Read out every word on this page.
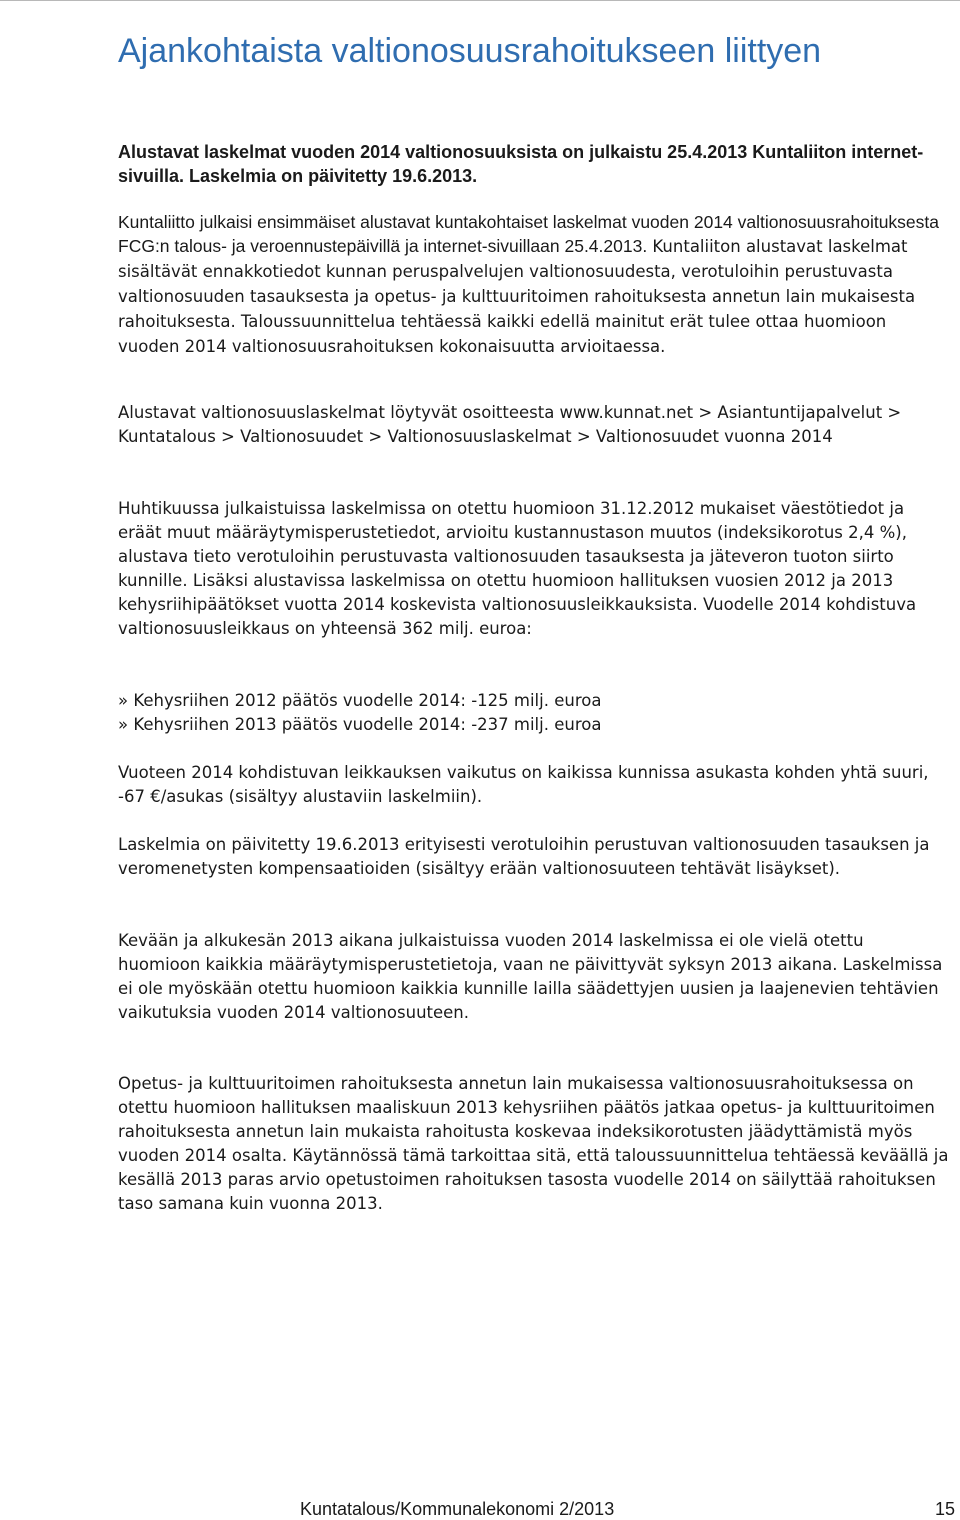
Ajankohtaista valtionosuusrahoitukseen liittyen

Alustavat laskelmat vuoden 2014 valtionosuuksista on julkaistu 25.4.2013 Kuntaliiton internet-sivuilla. Laskelmia on päivitetty 19.6.2013.

Kuntaliitto julkaisi ensimmäiset alustavat kuntakohtaiset laskelmat vuoden 2014 valtionosuusrahoituksesta FCG:n talous- ja veroennustepäivillä ja internet-sivuillaan 25.4.2013. Kuntaliiton alustavat laskelmat sisältävät ennakkotiedot kunnan peruspalvelujen valtionosuudesta, verotuloihin perustuvasta valtionosuuden tasauksesta ja opetus- ja kulttuuritoimen rahoituksesta annetun lain mukaisesta rahoituksesta. Taloussuunnittelua tehtäessä kaikki edellä mainitut erät tulee ottaa huomioon vuoden 2014 valtionosuusrahoituksen kokonaisuutta arvioitaessa.

Alustavat valtionosuuslaskelmat löytyvät osoitteesta www.kunnat.net > Asiantuntijapalvelut > Kuntatalous > Valtionosuudet > Valtionosuuslaskelmat > Valtionosuudet vuonna 2014

Huhtikuussa julkaistuissa laskelmissa on otettu huomioon 31.12.2012 mukaiset väestötiedot ja eräät muut määräytymisperustetiedot, arvioitu kustannustason muutos (indeksikorotus 2,4 %), alustava tieto verotuloihin perustuvasta valtionosuuden tasauksesta ja jäteveron tuoton siirto kunnille. Lisäksi alustavissa laskelmissa on otettu huomioon hallituksen vuosien 2012 ja 2013 kehysriihipäätökset vuotta 2014 koskevista valtionosuusleikkauksista. Vuodelle 2014 kohdistuva valtionosuusleikkaus on yhteensä 362 milj. euroa:

» Kehysriihen 2012 päätös vuodelle 2014: -125 milj. euroa
» Kehysriihen 2013 päätös vuodelle 2014: -237 milj. euroa

Vuoteen 2014 kohdistuvan leikkauksen vaikutus on kaikissa kunnissa asukasta kohden yhtä suuri, -67 €/asukas (sisältyy alustaviin laskelmiin).

Laskelmia on päivitetty 19.6.2013 erityisesti verotuloihin perustuvan valtionosuuden tasauksen ja veromenetysten kompensaatioiden (sisältyy erään valtionosuuteen tehtävät lisäykset).

Kevään ja alkukesän 2013 aikana julkaistuissa vuoden 2014 laskelmissa ei ole vielä otettu huomioon kaikkia määräytymisperustetietoja, vaan ne päivittyvät syksyn 2013 aikana. Laskelmissa ei ole myöskään otettu huomioon kaikkia kunnille lailla säädettyjen uusien ja laajenevien tehtävien vaikutuksia vuoden 2014 valtionosuuteen.

Opetus- ja kulttuuritoimen rahoituksesta annetun lain mukaisessa valtionosuusrahoituksessa on otettu huomioon hallituksen maaliskuun 2013 kehysriihen päätös jatkaa opetus- ja kulttuuritoimen rahoituksesta annetun lain mukaista rahoitusta koskevaa indeksikorotusten jäädyttämistä myös vuoden 2014 osalta. Käytännössä tämä tarkoittaa sitä, että taloussuunnittelua tehtäessä keväällä ja kesällä 2013 paras arvio opetustoimen rahoituksen tasosta vuodelle 2014 on säilyttää rahoituksen taso samana kuin vuonna 2013.

Kuntatalous/Kommunalekonomi 2/2013	15
